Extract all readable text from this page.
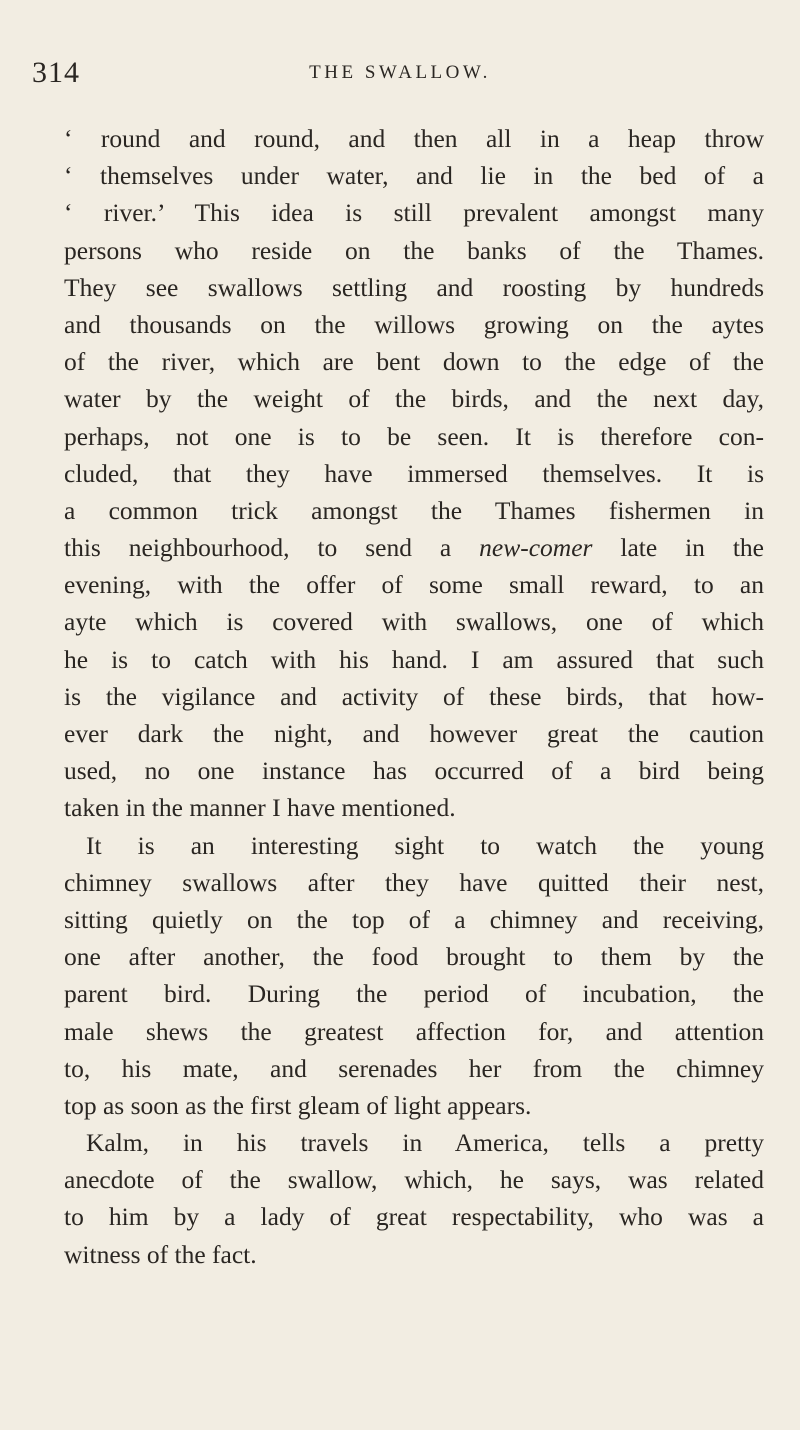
314	THE SWALLOW.
‘ round and round, and then all in a heap throw
‘ themselves under water, and lie in the bed of a
‘ river.’ This idea is still prevalent amongst many
persons who reside on the banks of the Thames.
They see swallows settling and roosting by hundreds
and thousands on the willows growing on the aytes
of the river, which are bent down to the edge of the
water by the weight of the birds, and the next day,
perhaps, not one is to be seen. It is therefore con-
cluded, that they have immersed themselves. It is
a common trick amongst the Thames fishermen in
this neighbourhood, to send a new-comer late in the
evening, with the offer of some small reward, to an
ayte which is covered with swallows, one of which
he is to catch with his hand. I am assured that such
is the vigilance and activity of these birds, that how-
ever dark the night, and however great the caution
used, no one instance has occurred of a bird being
taken in the manner I have mentioned.
It is an interesting sight to watch the young
chimney swallows after they have quitted their nest,
sitting quietly on the top of a chimney and receiving,
one after another, the food brought to them by the
parent bird. During the period of incubation, the
male shews the greatest affection for, and attention
to, his mate, and serenades her from the chimney
top as soon as the first gleam of light appears.
Kalm, in his travels in America, tells a pretty
anecdote of the swallow, which, he says, was related
to him by a lady of great respectability, who was a
witness of the fact.
